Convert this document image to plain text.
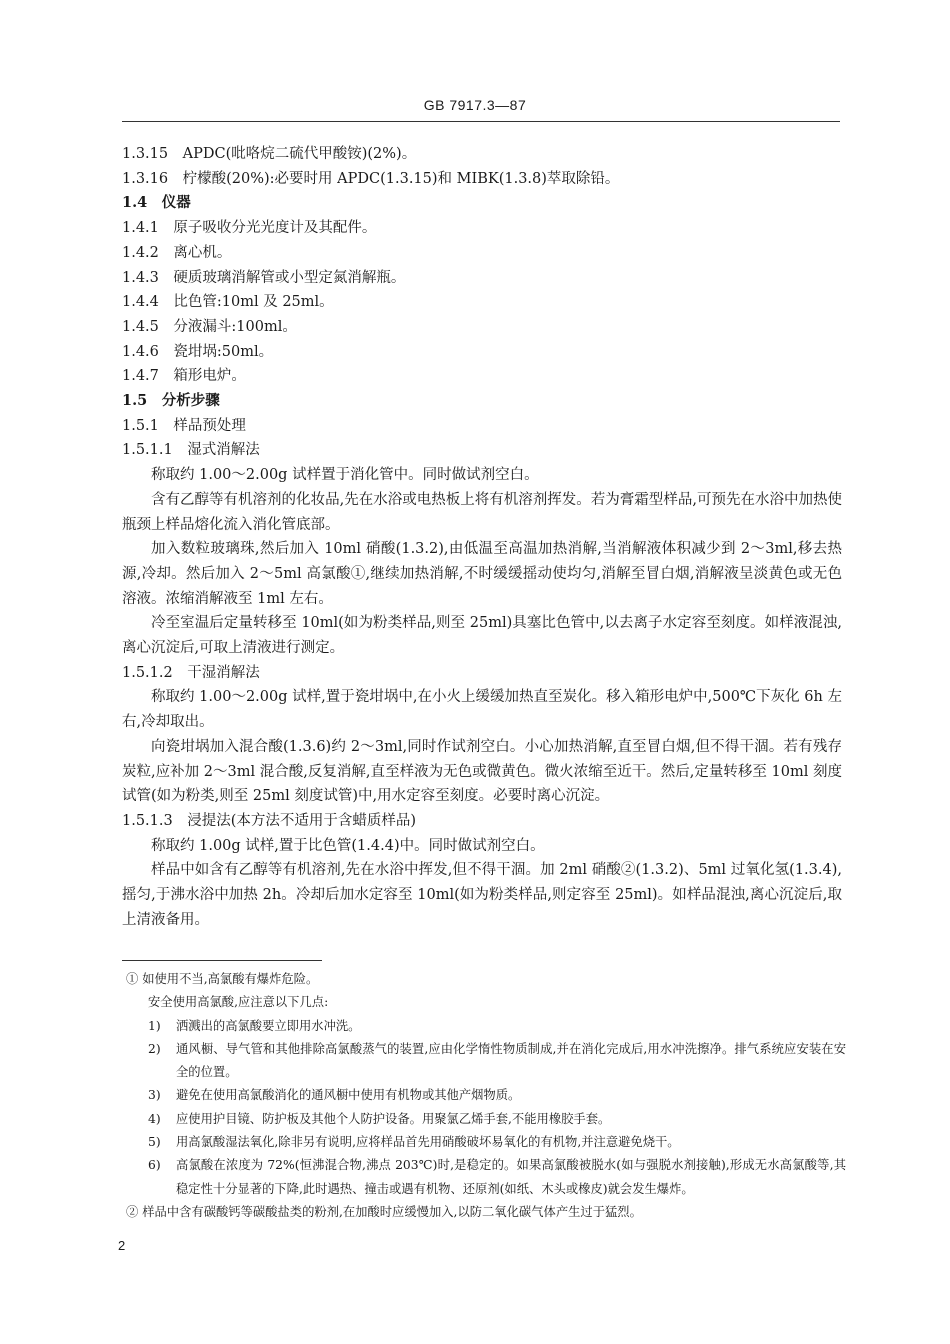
GB 7917.3—87
1.3.15　APDC(吡咯烷二硫代甲酸铵)(2%)。
1.3.16　柠檬酸(20%):必要时用 APDC(1.3.15)和 MIBK(1.3.8)萃取除铅。
1.4　仪器
1.4.1　原子吸收分光光度计及其配件。
1.4.2　离心机。
1.4.3　硬质玻璃消解管或小型定氮消解瓶。
1.4.4　比色管:10ml 及 25ml。
1.4.5　分液漏斗:100ml。
1.4.6　瓷坩埚:50ml。
1.4.7　箱形电炉。
1.5　分析步骤
1.5.1　样品预处理
1.5.1.1　湿式消解法
称取约 1.00～2.00g 试样置于消化管中。同时做试剂空白。
含有乙醇等有机溶剂的化妆品,先在水浴或电热板上将有机溶剂挥发。若为膏霜型样品,可预先在水浴中加热使瓶颈上样品熔化流入消化管底部。
加入数粒玻璃珠,然后加入 10ml 硝酸(1.3.2),由低温至高温加热消解,当消解液体积减少到 2～3ml,移去热源,冷却。然后加入 2～5ml 高氯酸①,继续加热消解,不时缓缓摇动使均匀,消解至冒白烟,消解液呈淡黄色或无色溶液。浓缩消解液至 1ml 左右。
冷至室温后定量转移至 10ml(如为粉类样品,则至 25ml)具塞比色管中,以去离子水定容至刻度。如样液混浊,离心沉淀后,可取上清液进行测定。
1.5.1.2　干湿消解法
称取约 1.00～2.00g 试样,置于瓷坩埚中,在小火上缓缓加热直至炭化。移入箱形电炉中,500℃下灰化 6h 左右,冷却取出。
向瓷坩埚加入混合酸(1.3.6)约 2～3ml,同时作试剂空白。小心加热消解,直至冒白烟,但不得干涸。若有残存炭粒,应补加 2～3ml 混合酸,反复消解,直至样液为无色或微黄色。微火浓缩至近干。然后,定量转移至 10ml 刻度试管(如为粉类,则至 25ml 刻度试管)中,用水定容至刻度。必要时离心沉淀。
1.5.1.3　浸提法(本方法不适用于含蜡质样品)
称取约 1.00g 试样,置于比色管(1.4.4)中。同时做试剂空白。
样品中如含有乙醇等有机溶剂,先在水浴中挥发,但不得干涸。加 2ml 硝酸②(1.3.2)、5ml 过氧化氢(1.3.4),摇匀,于沸水浴中加热 2h。冷却后加水定容至 10ml(如为粉类样品,则定容至 25ml)。如样品混浊,离心沉淀后,取上清液备用。
① 如使用不当,高氯酸有爆炸危险。
安全使用高氯酸,应注意以下几点:
1)	洒溅出的高氯酸要立即用水冲洗。
2)	通风橱、导气管和其他排除高氯酸蒸气的装置,应由化学惰性物质制成,并在消化完成后,用水冲洗擦净。排气系统应安装在安全的位置。
3)	避免在使用高氯酸消化的通风橱中使用有机物或其他产烟物质。
4)	应使用护目镜、防护板及其他个人防护设备。用聚氯乙烯手套,不能用橡胶手套。
5)	用高氯酸湿法氧化,除非另有说明,应将样品首先用硝酸破坏易氧化的有机物,并注意避免烧干。
6)	高氯酸在浓度为 72%(恒沸混合物,沸点 203℃)时,是稳定的。如果高氯酸被脱水(如与强脱水剂接触),形成无水高氯酸等,其稳定性十分显著的下降,此时遇热、撞击或遇有机物、还原剂(如纸、木头或橡皮)就会发生爆炸。
② 样品中含有碳酸钙等碳酸盐类的粉剂,在加酸时应缓慢加入,以防二氧化碳气体产生过于猛烈。
2
